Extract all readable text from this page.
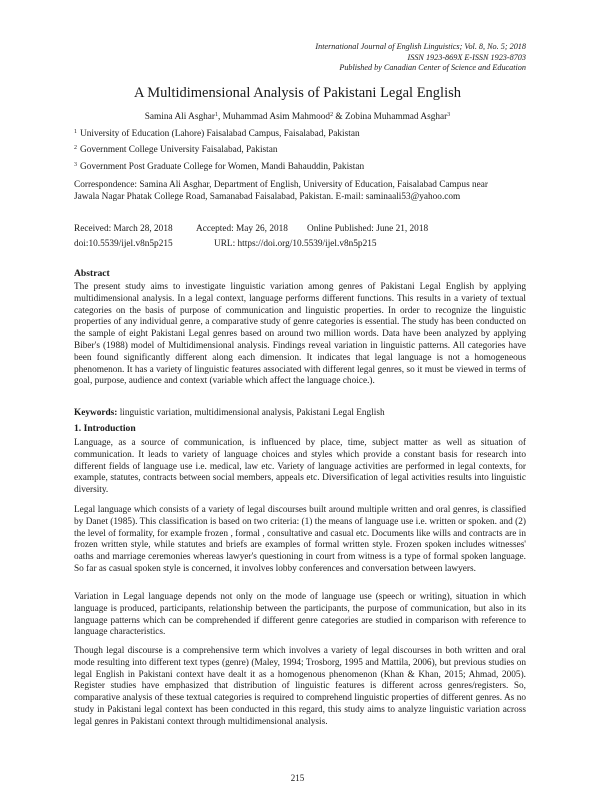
International Journal of English Linguistics; Vol. 8, No. 5; 2018
ISSN 1923-869X E-ISSN 1923-8703
Published by Canadian Center of Science and Education
A Multidimensional Analysis of Pakistani Legal English
Samina Ali Asghar$^1$, Muhammad Asim Mahmood$^2$ & Zobina Muhammad Asghar$^3$
$^1$ University of Education (Lahore) Faisalabad Campus, Faisalabad, Pakistan
$^2$ Government College University Faisalabad, Pakistan
$^3$ Government Post Graduate College for Women, Mandi Bahauddin, Pakistan
Correspondence: Samina Ali Asghar, Department of English, University of Education, Faisalabad Campus near
Jawala Nagar Phatak College Road, Samanabad Faisalabad, Pakistan. E-mail: saminaali53@yahoo.com
Received: March 28, 2018	Accepted: May 26, 2018 Online Published: June 21, 2018
doi:10.5539/ijel.v8n5p215	URL: https://doi.org/10.5539/ijel.v8n5p215
Abstract
The present study aims to investigate linguistic variation among genres of Pakistani Legal English by applying multidimensional analysis. In a legal context, language performs different functions. This results in a variety of textual categories on the basis of purpose of communication and linguistic properties. In order to recognize the linguistic properties of any individual genre, a comparative study of genre categories is essential. The study has been conducted on the sample of eight Pakistani Legal genres based on around two million words. Data have been analyzed by applying Biber's (1988) model of Multidimensional analysis. Findings reveal variation in linguistic patterns. All categories have been found significantly different along each dimension. It indicates that legal language is not a homogeneous phenomenon. It has a variety of linguistic features associated with different legal genres, so it must be viewed in terms of goal, purpose, audience and context (variable which affect the language choice.).
Keywords: linguistic variation, multidimensional analysis, Pakistani Legal English
1. Introduction
Language, as a source of communication, is influenced by place, time, subject matter as well as situation of communication. It leads to variety of language choices and styles which provide a constant basis for research into different fields of language use i.e. medical, law etc. Variety of language activities are performed in legal contexts, for example, statutes, contracts between social members, appeals etc. Diversification of legal activities results into linguistic diversity.
Legal language which consists of a variety of legal discourses built around multiple written and oral genres, is classified by Danet (1985). This classification is based on two criteria: (1) the means of language use i.e. written or spoken. and (2) the level of formality, for example frozen , formal , consultative and casual etc. Documents like wills and contracts are in frozen written style, while statutes and briefs are examples of formal written style. Frozen spoken includes witnesses' oaths and marriage ceremonies whereas lawyer's questioning in court from witness is a type of formal spoken language. So far as casual spoken style is concerned, it involves lobby conferences and conversation between lawyers.
Variation in Legal language depends not only on the mode of language use (speech or writing), situation in which language is produced, participants, relationship between the participants, the purpose of communication, but also in its language patterns which can be comprehended if different genre categories are studied in comparison with reference to language characteristics.
Though legal discourse is a comprehensive term which involves a variety of legal discourses in both written and oral mode resulting into different text types (genre) (Maley, 1994; Trosborg, 1995 and Mattila, 2006), but previous studies on legal English in Pakistani context have dealt it as a homogenous phenomenon (Khan & Khan, 2015; Ahmad, 2005). Register studies have emphasized that distribution of linguistic features is different across genres/registers. So, comparative analysis of these textual categories is required to comprehend linguistic properties of different genres. As no study in Pakistani legal context has been conducted in this regard, this study aims to analyze linguistic variation across legal genres in Pakistani context through multidimensional analysis.
215
